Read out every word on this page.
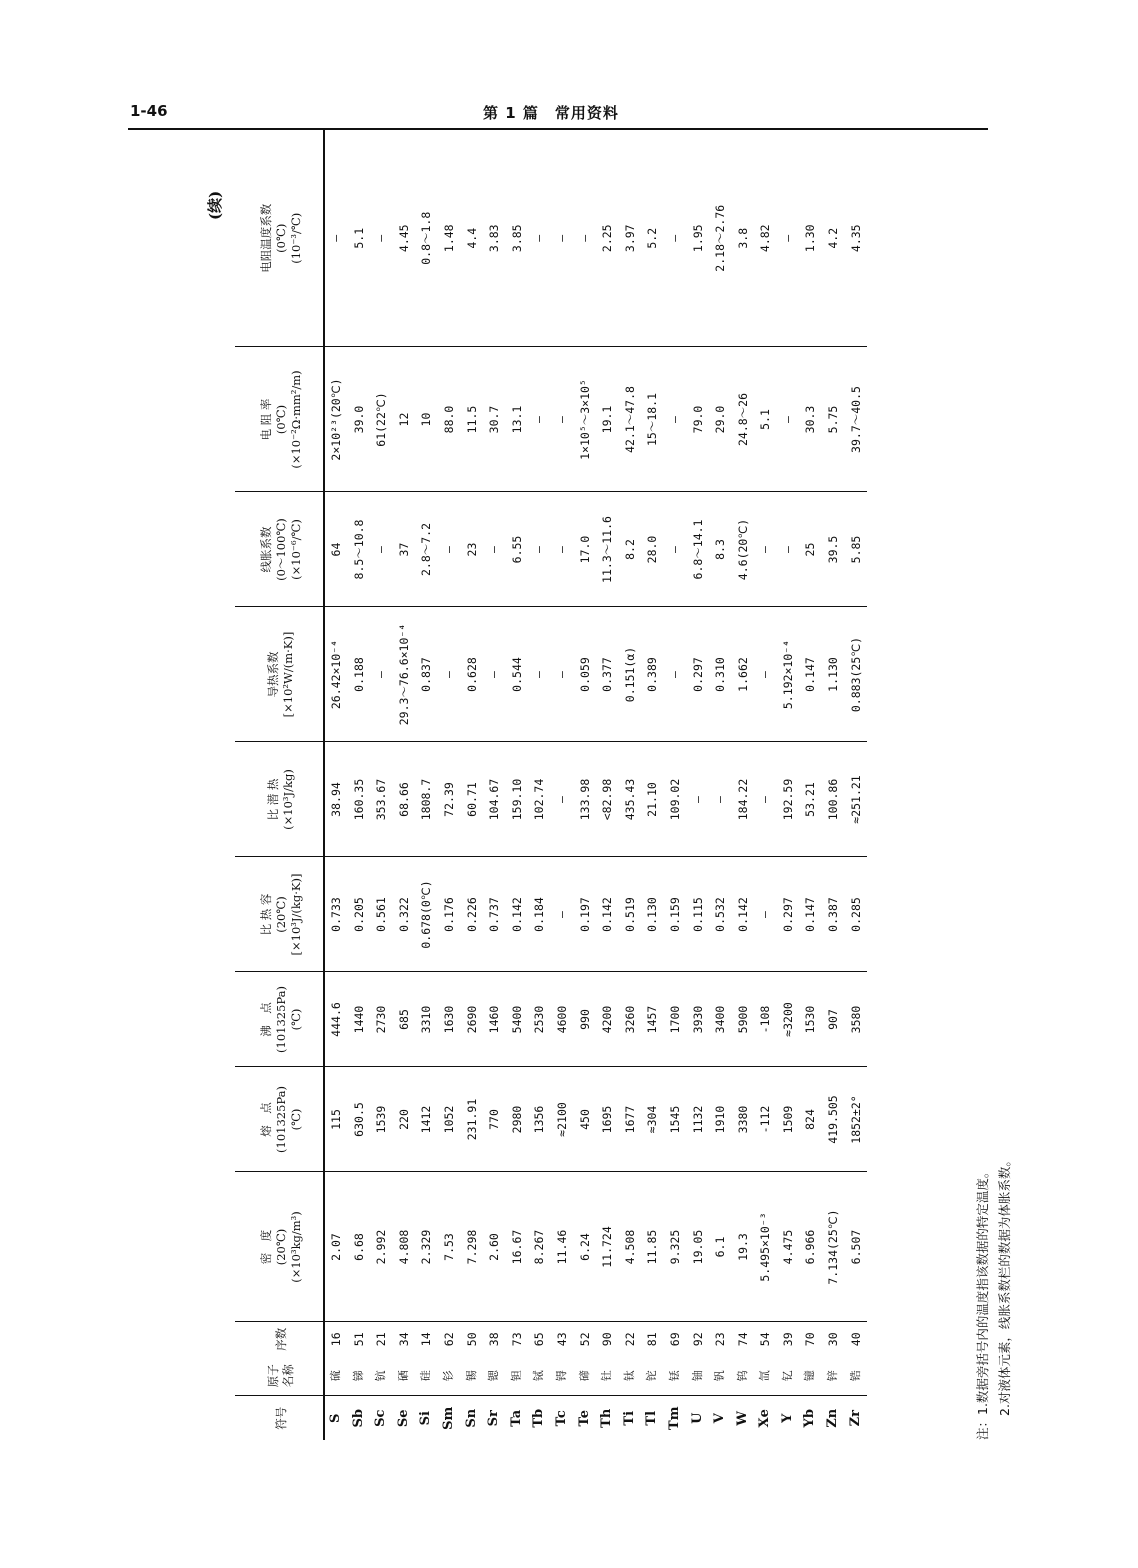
1-46	第 1 篇　常用资料
(续)
符号	原子 名称	序数	密　度 (20℃) (×10³kg/m³)	熔　点 (101325Pa) (℃)	沸　点 (101325Pa) (℃)	比 热 容 (20℃) [×10³J/(kg·K)]	比 潜 热 (×10³J/kg)	导热系数 [×10²W/(m·K)]	线胀系数 (0～100℃) (×10⁻⁶/℃)	电 阻 率 (0℃) (×10⁻²Ω·mm²/m)	电阻温度系数 (0℃) (10⁻³/℃)

S	硫	16	2.07	115	444.6	0.733	38.94	26.42×10⁻⁴	64	2×10²³(20℃)	—
Sb	锑	51	6.68	630.5	1440	0.205	160.35	0.188	8.5～10.8	39.0	5.1
Sc	钪	21	2.992	1539	2730	0.561	353.67	—	—	61(22℃)	—
Se	硒	34	4.808	220	685	0.322	68.66	29.3～76.6×10⁻⁴	37	12	4.45
Si	硅	14	2.329	1412	3310	0.678(0℃)	1808.7	0.837	2.8～7.2	10	0.8～1.8
Sm	钐	62	7.53	1052	1630	0.176	72.39	—	—	88.0	1.48
Sn	锡	50	7.298	231.91	2690	0.226	60.71	0.628	23	11.5	4.4
Sr	锶	38	2.60	770	1460	0.737	104.67	—	—	30.7	3.83
Ta	钽	73	16.67	2980	5400	0.142	159.10	0.544	6.55	13.1	3.85
Tb	铽	65	8.267	1356	2530	0.184	102.74	—	—	—	—
Tc	锝	43	11.46	≈2100	4600	—	—	—	—	—	—
Te	碲	52	6.24	450	990	0.197	133.98	0.059	17.0	1×10⁵～3×10⁵	—
Th	钍	90	11.724	1695	4200	0.142	<82.98	0.377	11.3～11.6	19.1	2.25
Ti	钛	22	4.508	1677	3260	0.519	435.43	0.151(α)	8.2	42.1～47.8	3.97
Tl	铊	81	11.85	≈304	1457	0.130	21.10	0.389	28.0	15～18.1	5.2
Tm	铥	69	9.325	1545	1700	0.159	109.02	—	—	—	—
U	铀	92	19.05	1132	3930	0.115	—	0.297	6.8～14.1	79.0	1.95
V	钒	23	6.1	1910	3400	0.532	—	0.310	8.3	29.0	2.18～2.76
W	钨	74	19.3	3380	5900	0.142	184.22	1.662	4.6(20℃)	24.8～26	3.8
Xe	氙	54	5.495×10⁻³	-112	-108	—	—	—	—	5.1	4.82
Y	钇	39	4.475	1509	≈3200	0.297	192.59	5.192×10⁻⁴	—	—	—
Yb	镱	70	6.966	824	1530	0.147	53.21	0.147	25	30.3	1.30
Zn	锌	30	7.134(25℃)	419.505	907	0.387	100.86	1.130	39.5	5.75	4.2
Zr	锆	40	6.507	1852±2°	3580	0.285	≈251.21	0.883(25℃)	5.85	39.7～40.5	4.35
注：1.数据旁括号内的温度指该数据的特定温度。 2.对液体元素，线胀系数栏的数据为体胀系数。
